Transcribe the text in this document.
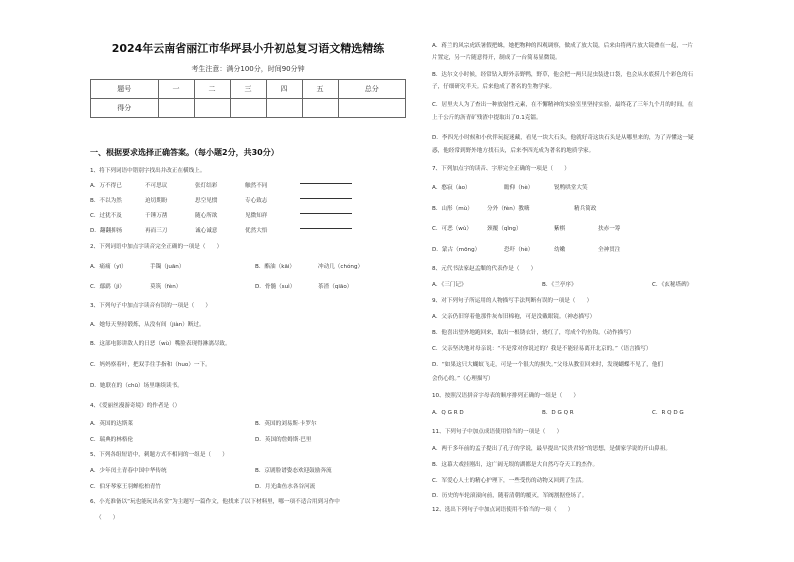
2024年云南省丽江市华坪县小升初总复习语文精选精练
考生注意：满分100分，时间90分钟
题号	一	二	三	四	五	总分
得分						
一、根据要求选择正确答案。（每小题2分，共30分）
1、将下列词语中错别字找出并改正在横线上。
A．万不得已	不可思议	张灯结彩	触然不同
B．不以为然	迫切期盼	思空见惯	专心致志
C．过犹不及	千锤万凿	随心所欲	见微知祥
D．翻翻抑扬	再而三刀	诚心诚意	优然大悟
2、下列词语中加点字读音完全正确的一项是（　　）
A．痛痛（yī）	手镯（juān）	B．酯油（kāi）	冲动几（chóng）
C．鄢鹞（jì）	莫筑（fèn）	D．骨髓（suì）	茶渣（qiāo）
3、下列句子中加点字读音有误的一项是（　　）
A．她每天坚持锻炼，从没有间（jiàn）断过。
B．这部电影讲敌人的日恶（wù）嘴脸表现得淋漓尽致。
C．妈妈察着叶，把双手往手指和（huo）一下。
D．她联在的（chū）场里继续读书。
4、《爱丽丝漫游奇境》的作者是（）
A．英国的达斯莱	B．英国的刘易斯·卡罗尔
C．瑞典的林格伦	D．英国的詹姆斯·巴里
5、下列各组短语中，刺题方式不相同的一组是（　　）
A．少年闰土青春中国中华传统	B．京剧脸谱姿态欢迎鼓励奔流
C．伯牙琴家王羽蝉松柏青竹	D．月光曲鱼水各谷河流
6、小光准备以“玩也能玩出名堂”为主题写一篇作文，他找来了以下材料里，哪一项不适合用到习作中
（　　）
A．蒋兰的风宗虎跃暑假把蛛，她把物种的四观调察，做成了放大镜，后来由将两片放大镜叠在一起，一片
片置定，另一片随意得开，制成了一台简易显微镜。
B．达尔文小时候，经常钻入野外亲野鸭，野草，他会把一两只昆虫装进口袋，也会从水底捞几个彩色的石
子，仔细研究半天。后来他成了著名的生物学家。
C．居里夫人为了查出一种放射性元素，在不懈精神的实验室里坚持实验，最终花了三年九个月的时间，在
上千公斤的沥青矿残渣中提取出了0.1克镭。
D．李四光小时候和小伙伴玩捉迷藏，看见一块大石头，他就好奇这块石头是从哪里来的，为了弄懂这一疑
惑，他经常到野外地方找石头，后来李四光成为著名的地质学家。
7、下列加点字的读音、字形完全正确的一项是（　　）
A．憨寂（ào）	瞻仰（hè）	锐鸭哄堂大笑
B．山彤（mù）	分外（fèn）教嗨	精兵简政
C．可恶（wù）	颈覆（qǐng）	紫棋	扶赤一筹
D．蒙古（mōng）	恐吓（hè）	幼嫩	全神贯注
8、元代书法家赵孟頫的代表作是（　　）
A．《三门记》	B．《兰亭序》	C．《玄秘塔碑》
9、对下列句子所运用的人物描写手法判断有误的一项是（　　）
A．父亲仍旧穿着他那件灰布旧棉袍，可是没戴眼镜。（神态描写）
B．他喜出望外地跑回来，取出一根锈衣针，烧红了，弯成个钓鱼钩。（动作描写）
C．父亲坚决地对母亲说：“不是常对你说过的？我是不能轻易离开北京的。”（语言描写）
D．“如果这只大蝴蚁飞走，可是一个很大的损失。”父母从教室回来时，发现蝴蝶不见了，他们
会伤心的。”（心理描写）
10、按照汉语拼音字母表的顺序排列正确的一组是（　　）
A．Q G R D	B．D G Q R	C．R Q D G
11、下列句子中加点成语使用恰当的一项是（　　）
A．两千多年前的孟子提出了孔子的学说，最早提出“民贵君轻”的思想，是儒家学说的开山鼻祖。
B．这幕大戏挂刚出，这广阔无垠的湖都是大自然巧夺天工的杰作。
C．军爱心人士的精心护理下，一些受伤的动物又回到了生活。
D．历史的车轮滚滚向前，随着清朝的覆灭，军阀割据登场了。
12、选出下列句子中加点词语使用不恰当的一项（　　）
